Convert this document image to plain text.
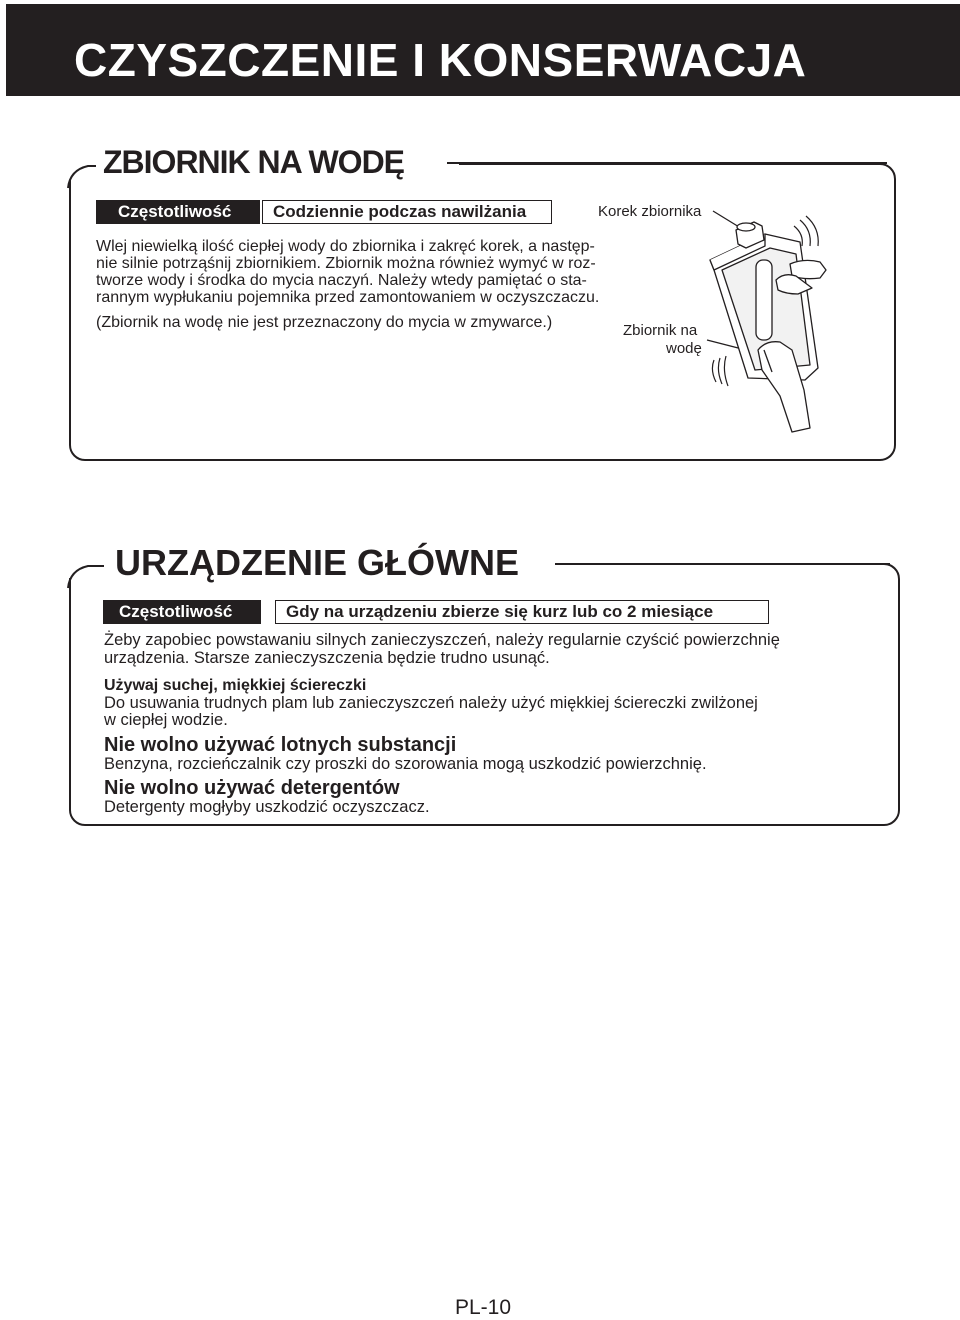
CZYSZCZENIE I KONSERWACJA
ZBIORNIK NA WODĘ
Częstotliwość	Codziennie podczas nawilżania
Wlej niewielką ilość ciepłej wody do zbiornika i zakręć korek, a następ-
nie silnie potrząśnij zbiornikiem. Zbiornik można również wymyć w roz-
tworze wody i środka do mycia naczyń. Należy wtedy pamiętać o sta-
rannym wypłukaniu pojemnika przed zamontowaniem w oczyszczaczu.
(Zbiornik na wodę nie jest przeznaczony do mycia w zmywarce.)
Korek zbiornika
Zbiornik na
wodę
URZĄDZENIE GŁÓWNE
Częstotliwość	Gdy na urządzeniu zbierze się kurz lub co 2 miesiące
Żeby zapobiec powstawaniu silnych zanieczyszczeń, należy regularnie czyścić powierzchnię
urządzenia. Starsze zanieczyszczenia będzie trudno usunąć.
Używaj suchej, miękkiej ściereczki
Do usuwania trudnych plam lub zanieczyszczeń należy użyć miękkiej ściereczki zwilżonej
w ciepłej wodzie.
Nie wolno używać lotnych substancji
Benzyna, rozcieńczalnik czy proszki do szorowania mogą uszkodzić powierzchnię.
Nie wolno używać detergentów
Detergenty mogłyby uszkodzić oczyszczacz.
PL-10
